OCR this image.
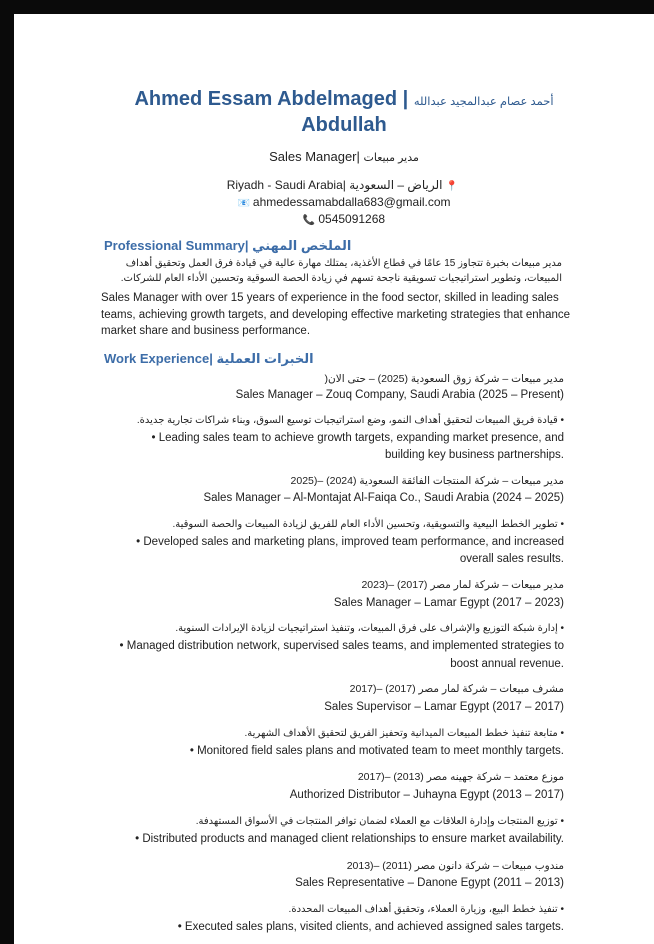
Ahmed Essam Abdelmaged | أحمد عصام عبدالمجيد عبدالله
Abdullah
Sales Manager| مدير مبيعات
Riyadh - Saudi Arabia| الرياض – السعودية 📍
📧 ahmedessamabdalla683@gmail.com
📞 0545091268
Professional Summary| الملخص المهني
مدير مبيعات بخبرة تتجاوز 15 عامًا في قطاع الأغذية، يمتلك مهارة عالية في قيادة فرق العمل وتحقيق أهداف المبيعات، وتطوير استراتيجيات تسويقية ناجحة تسهم في زيادة الحصة السوقية وتحسين الأداء العام للشركات.
Sales Manager with over 15 years of experience in the food sector, skilled in leading sales teams, achieving growth targets, and developing effective marketing strategies that enhance market share and business performance.
Work Experience| الخبرات العملية
مدير مبيعات – شركة زوق السعودية (2025) – حتى الان(
Sales Manager – Zouq Company, Saudi Arabia (2025 – Present)
• قيادة فريق المبيعات لتحقيق أهداف النمو، وضع استراتيجيات توسيع السوق، وبناء شراكات تجارية جديدة.
• Leading sales team to achieve growth targets, expanding market presence, and
building key business partnerships.
مدير مبيعات – شركة المنتجات الفائقة السعودية (2024) –(2025
Sales Manager – Al-Montajat Al-Faiqa Co., Saudi Arabia (2024 – 2025)
• تطوير الخطط البيعية والتسويقية، وتحسين الأداء العام للفريق لزيادة المبيعات والحصة السوقية.
• Developed sales and marketing plans, improved team performance, and increased
overall sales results.
مدير مبيعات – شركة لمار مصر (2017) –(2023
Sales Manager – Lamar Egypt (2017 – 2023)
• إدارة شبكة التوزيع والإشراف على فرق المبيعات، وتنفيذ استراتيجيات لزيادة الإيرادات السنوية.
• Managed distribution network, supervised sales teams, and implemented strategies to
boost annual revenue.
مشرف مبيعات – شركة لمار مصر (2017) –(2017
Sales Supervisor – Lamar Egypt (2017 – 2017)
• متابعة تنفيذ خطط المبيعات الميدانية وتحفيز الفريق لتحقيق الأهداف الشهرية.
• Monitored field sales plans and motivated team to meet monthly targets.
موزع معتمد – شركة جهينه مصر (2013) –(2017
Authorized Distributor – Juhayna Egypt (2013 – 2017)
• توزيع المنتجات وإدارة العلاقات مع العملاء لضمان توافر المنتجات في الأسواق المستهدفة.
• Distributed products and managed client relationships to ensure market availability.
مندوب مبيعات – شركة دانون مصر (2011) –(2013
Sales Representative – Danone Egypt (2011 – 2013)
• تنفيذ خطط البيع، وزيارة العملاء، وتحقيق أهداف المبيعات المحددة.
• Executed sales plans, visited clients, and achieved assigned sales targets.
